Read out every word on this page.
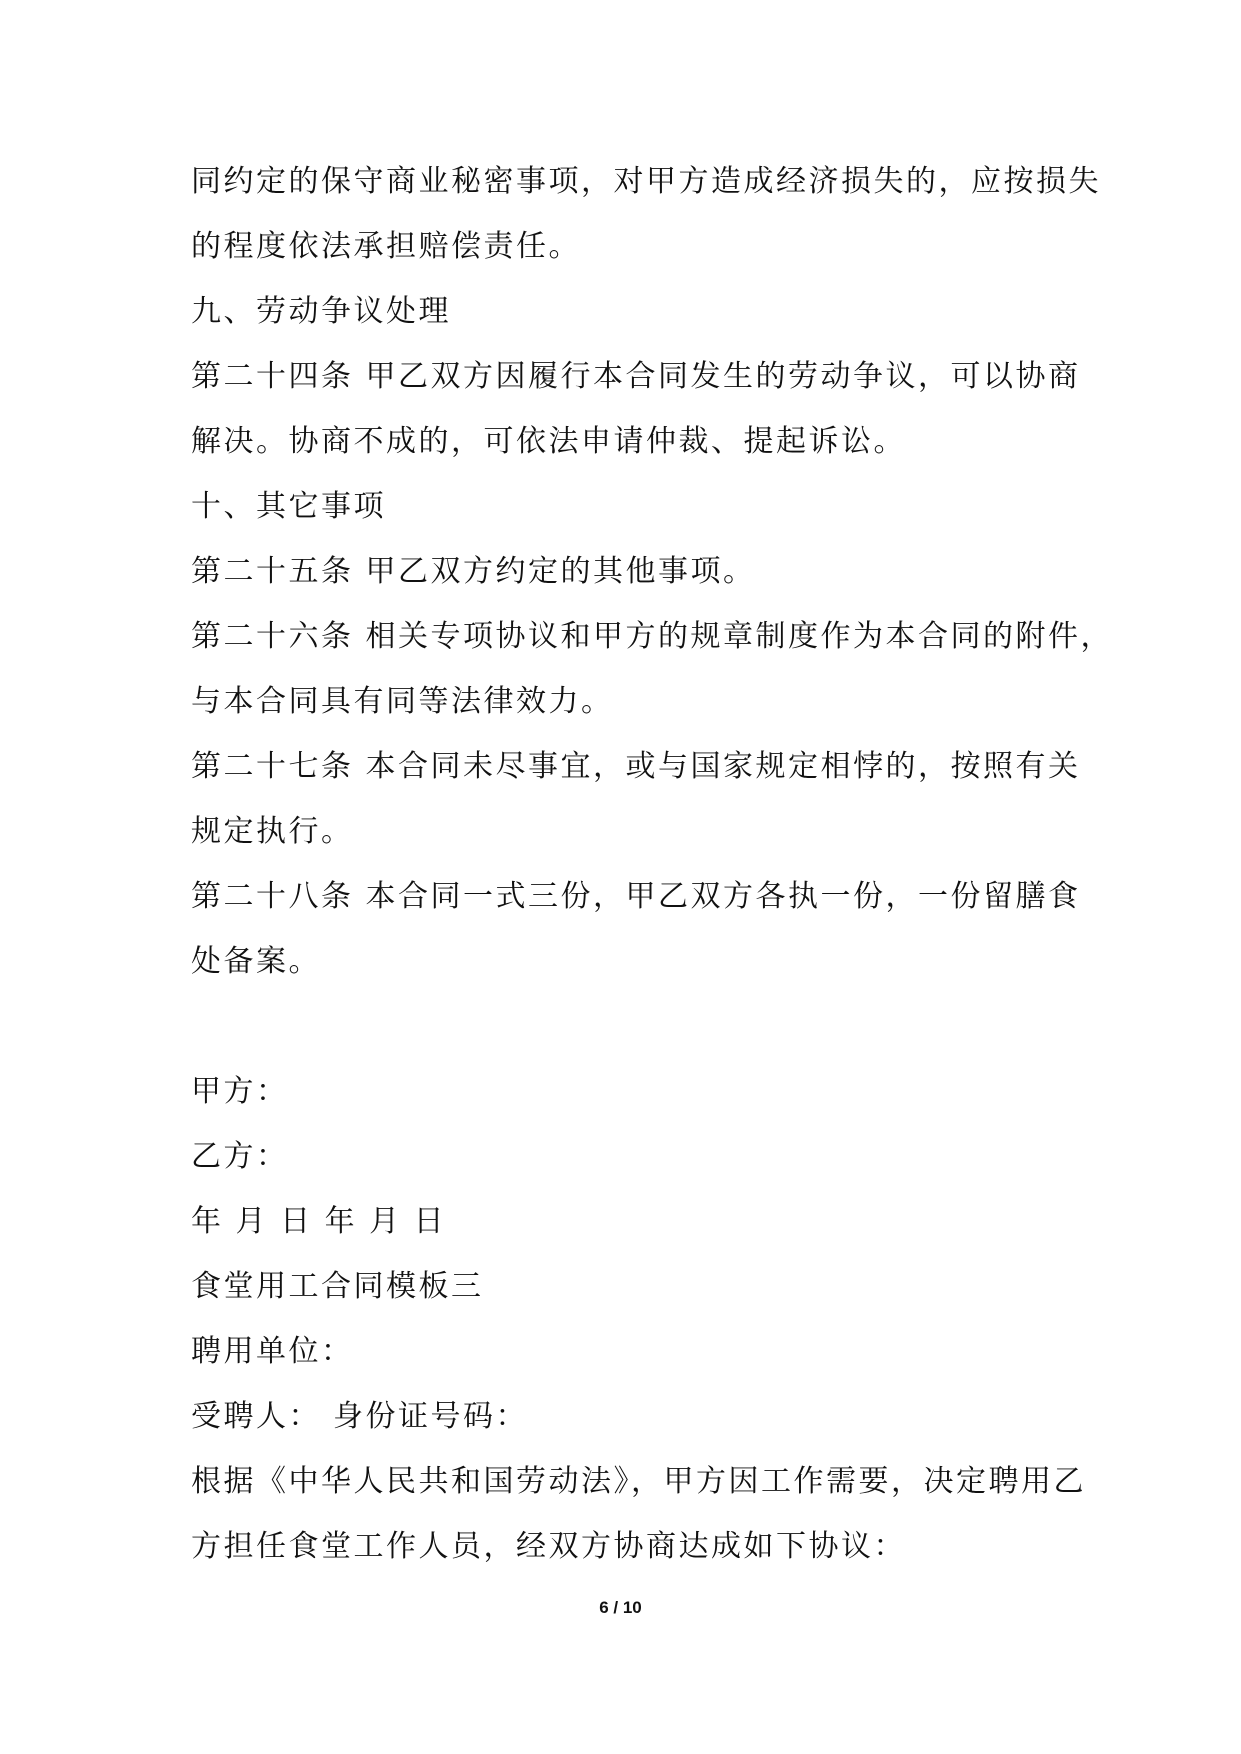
同约定的保守商业秘密事项，对甲方造成经济损失的，应按损失
的程度依法承担赔偿责任。
九、劳动争议处理
第二十四条 甲乙双方因履行本合同发生的劳动争议，可以协商
解决。协商不成的，可依法申请仲裁、提起诉讼。
十、其它事项
第二十五条 甲乙双方约定的其他事项。
第二十六条 相关专项协议和甲方的规章制度作为本合同的附件，
与本合同具有同等法律效力。
第二十七条 本合同未尽事宜，或与国家规定相悖的，按照有关
规定执行。
第二十八条 本合同一式三份，甲乙双方各执一份，一份留膳食
处备案。
甲方：
乙方：
年 月 日 年 月 日
食堂用工合同模板三
聘用单位：
受聘人： 身份证号码：
根据《中华人民共和国劳动法》，甲方因工作需要，决定聘用乙
方担任食堂工作人员，经双方协商达成如下协议：
6 / 10
